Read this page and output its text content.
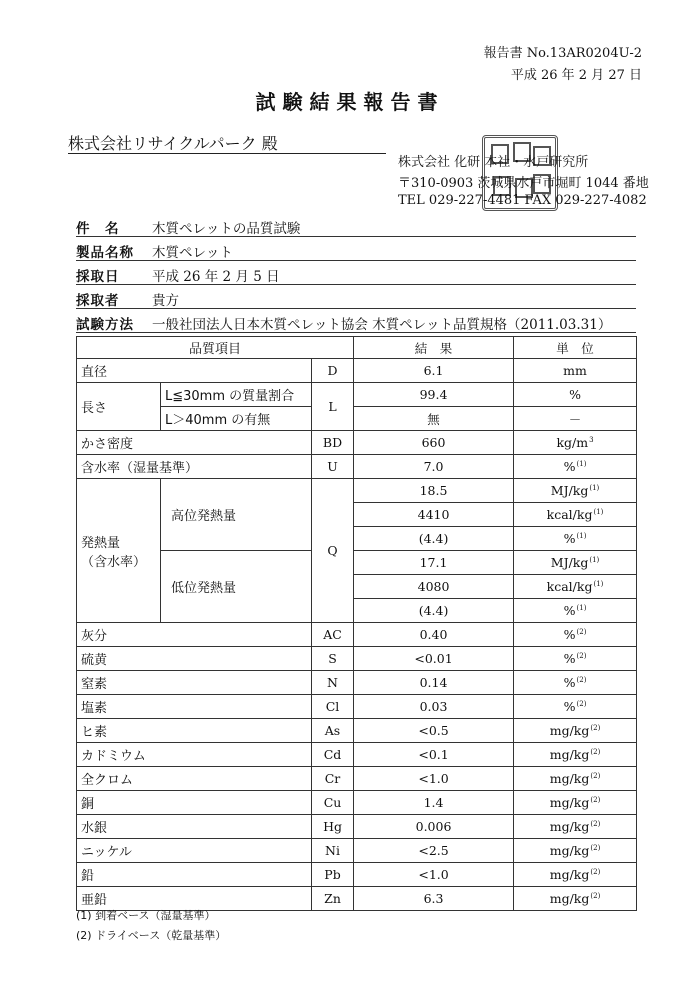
報告書 No.13AR0204U-2
平成 26 年 2 月 27 日
試験結果報告書
株式会社リサイクルパーク 殿
株式会社 化研 本社・水戸研究所
〒310-0903 茨城県水戸市堀町 1044 番地
TEL 029-227-4481 FAX 029-227-4082
件　名	木質ペレットの品質試験
製品名称	木質ペレット
採取日	平成 26 年 2 月 5 日
採取者	貴方
試験方法	一般社団法人日本木質ペレット協会 木質ペレット品質規格（2011.03.31）
品質項目			結　果	単　位
直径		D	6.1	mm
長さ	L≦30mm の質量割合	L	99.4	%
	L＞40mm の有無		無	－
かさ密度		BD	660	$kg/m^3$
含水率（湿量基準）		U	7.0	%$^{(1)}$

発熱量
（含水率）	高位発熱量	Q	18.5	$MJ/kg^{(1)}$
			4410	kcal/$kg^{(1)}$
			(4.4)	%$^{(1)}$
	低位発熱量		17.1	$MJ/kg^{(1)}$
			4080	kcal/$kg^{(1)}$
			(4.4)	%$^{(1)}$
灰分		AC	0.40	%$^{(2)}$
硫黄		S	<0.01	%$^{(2)}$
窒素		N	0.14	%$^{(2)}$
塩素		Cl	0.03	%$^{(2)}$
ヒ素		As	<0.5	$mg/kg^{(2)}$
カドミウム		Cd	<0.1	$mg/kg^{(2)}$
全クロム		Cr	<1.0	$mg/kg^{(2)}$
銅		Cu	1.4	$mg/kg^{(2)}$
水銀		Hg	0.006	$mg/kg^{(2)}$
ニッケル		Ni	<2.5	$mg/kg^{(2)}$
鉛		Pb	<1.0	$mg/kg^{(2)}$
亜鉛		Zn	6.3	$mg/kg^{(2)}$
(1) 到着ベース（湿量基準）
(2) ドライベース（乾量基準）
